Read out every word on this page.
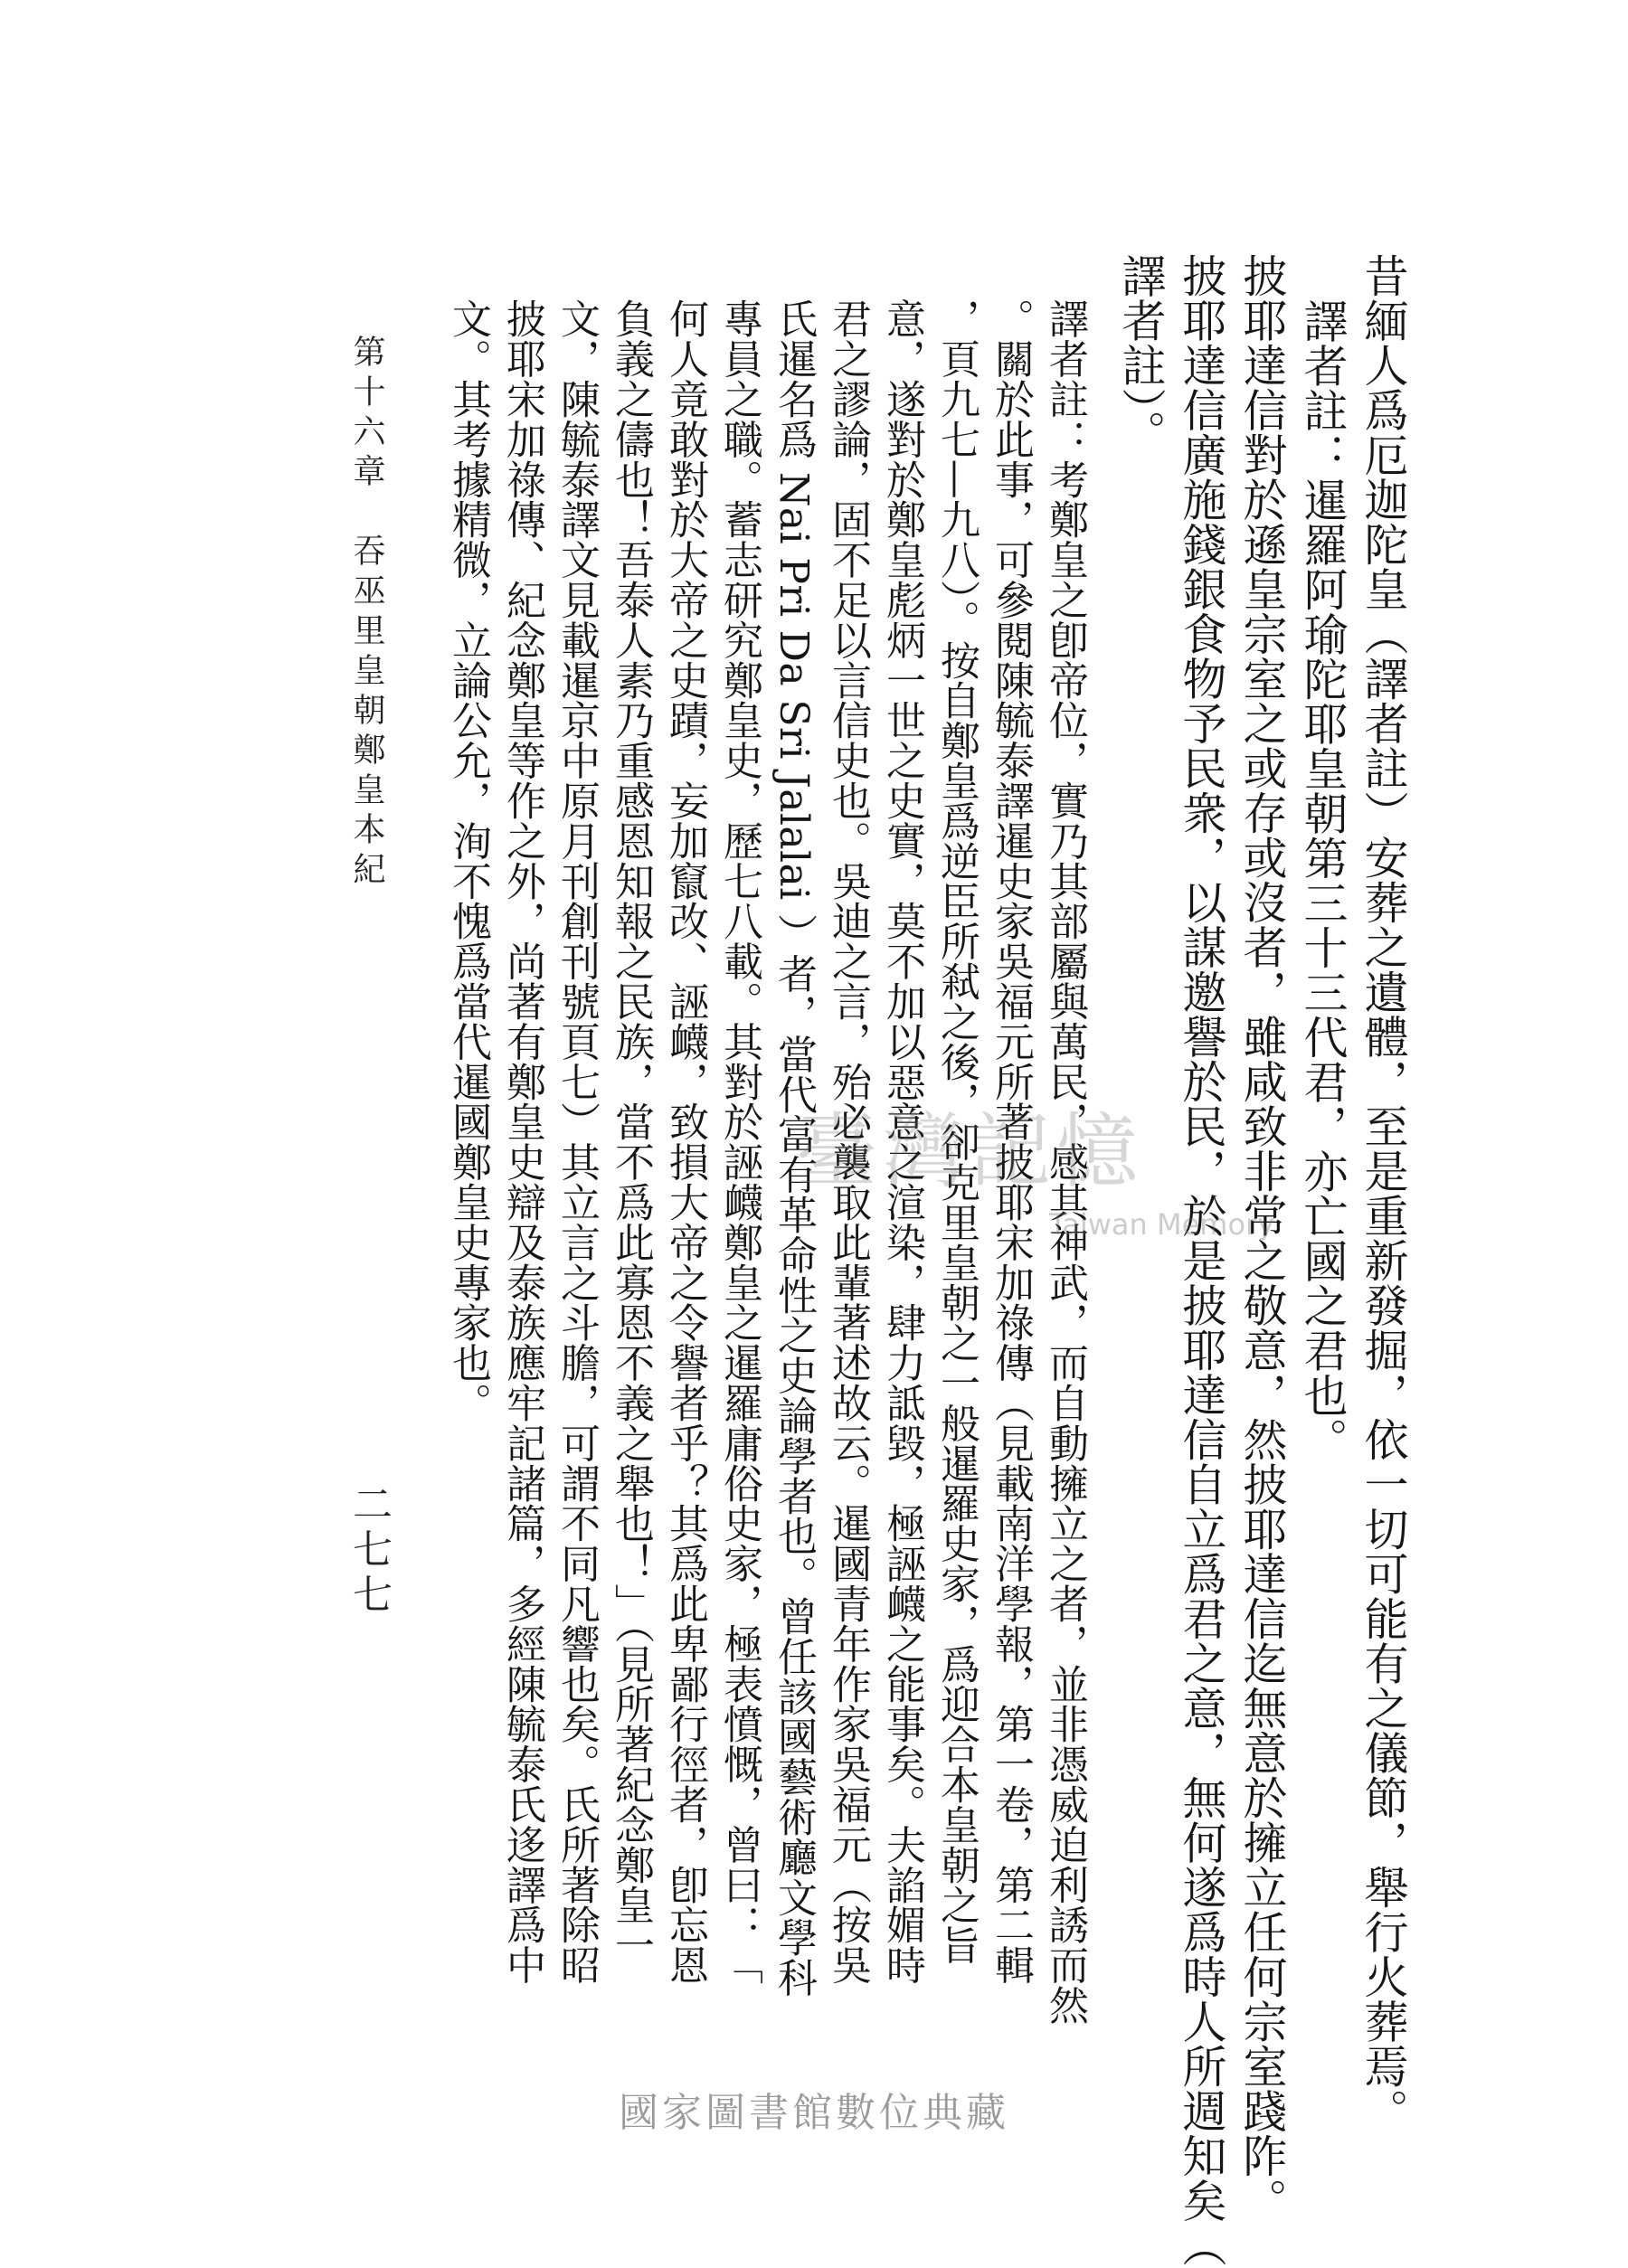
昔緬人爲厄迦陀皇（譯者註）安葬之遺體，至是重新發掘，依一切可能有之儀節，舉行火葬焉。
譯者註：暹羅阿瑜陀耶皇朝第三十三代君，亦亡國之君也。
披耶達信對於遜皇宗室之或存或沒者，雖咸致非常之敬意，然披耶達信迄無意於擁立任何宗室踐阼。
披耶達信廣施錢銀食物予民衆，以謀邀譽於民，於是披耶達信自立爲君之意，無何遂爲時人所週知矣（
譯者註）。
譯者註：考鄭皇之卽帝位，實乃其部屬與萬民，感其神武，而自動擁立之者，並非憑威迫利誘而然
。關於此事，可參閱陳毓泰譯暹史家吳福元所著披耶宋加祿傳（見載南洋學報，第一卷，第二輯
，頁九七—九八）。按自鄭皇爲逆臣所弒之後，卻克里皇朝之一般暹羅史家，爲迎合本皇朝之旨
意，遂對於鄭皇彪炳一世之史實，莫不加以惡意之渲染，肆力詆毀，極誣衊之能事矣。夫諂媚時
君之謬論，固不足以言信史也。吳迪之言，殆必襲取此輩著述故云。暹國青年作家吳福元（按吳
氏暹名爲 Nai Pri Da Sri Jalalai ）者，當代富有革命性之史論學者也。曾任該國藝術廳文學科
專員之職。蓄志研究鄭皇史，歷七八載。其對於誣衊鄭皇之暹羅庸俗史家，極表憤慨，曾曰：「
何人竟敢對於大帝之史蹟，妄加竄改、誣衊，致損大帝之令譽者乎？其爲此卑鄙行徑者，卽忘恩
負義之儔也！吾泰人素乃重感恩知報之民族，當不爲此寡恩不義之舉也！」（見所著紀念鄭皇一
文，陳毓泰譯文見載暹京中原月刊創刊號頁七）其立言之斗膽，可謂不同凡響也矣。氏所著除昭
披耶宋加祿傳、紀念鄭皇等作之外，尚著有鄭皇史辯及泰族應牢記諸篇，多經陳毓泰氏迻譯爲中
文。其考據精微，立論公允，洵不愧爲當代暹國鄭皇史專家也。
第十六章　吞巫里皇朝鄭皇本紀
二七七
臺灣記憶
Taiwan Memory
國家圖書館數位典藏
